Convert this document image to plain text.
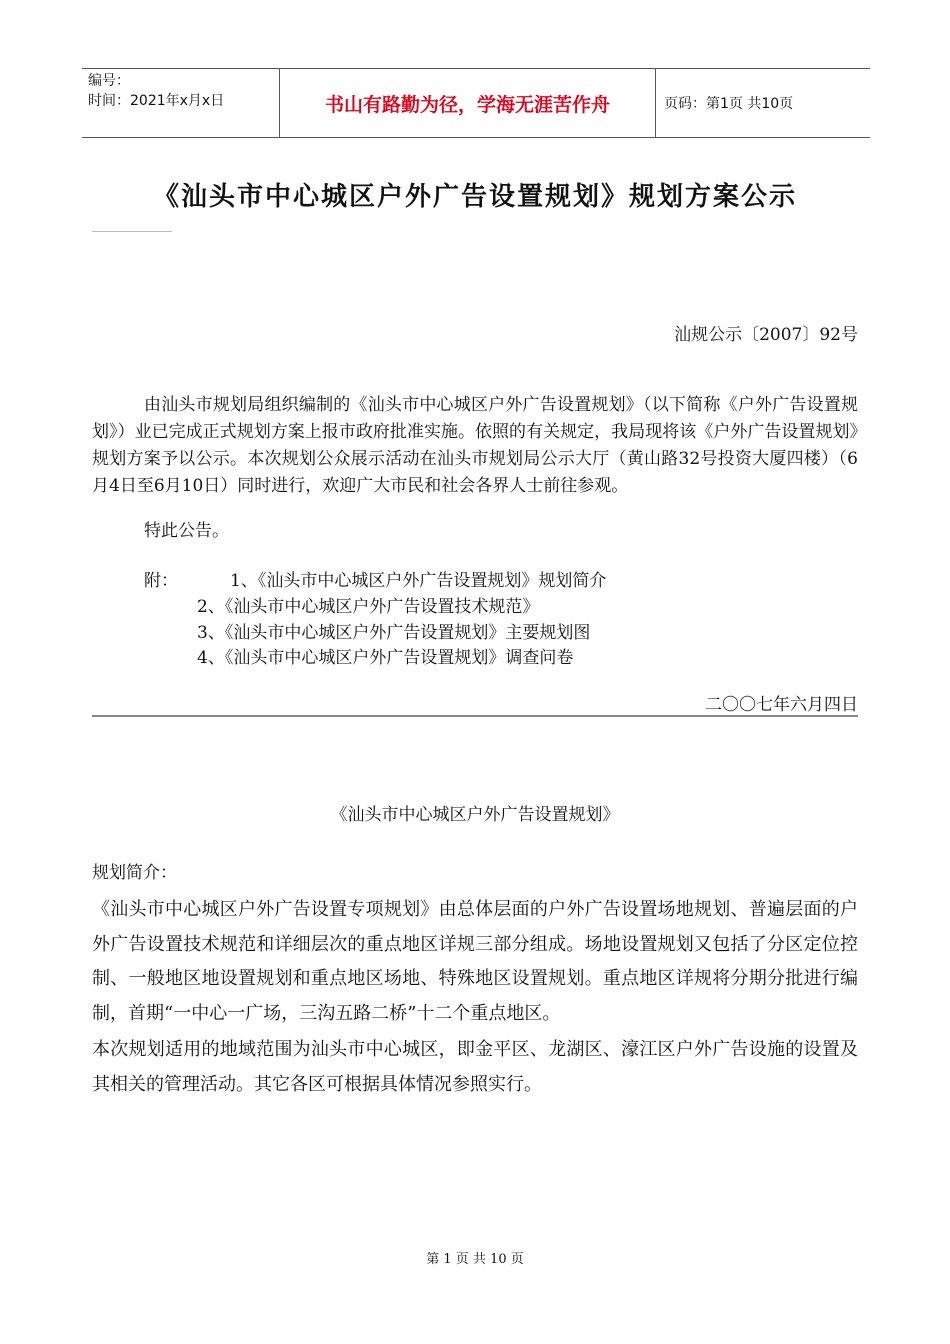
编号：
时间：2021年x月x日	书山有路勤为径，学海无涯苦作舟	页码：第1页 共10页
《汕头市中心城区户外广告设置规划》规划方案公示
汕规公示〔2007〕92号
由汕头市规划局组织编制的《汕头市中心城区户外广告设置规划》（以下简称《户外广告设置规划》）业已完成正式规划方案上报市政府批准实施。依照的有关规定，我局现将该《户外广告设置规划》规划方案予以公示。本次规划公众展示活动在汕头市规划局公示大厅（黄山路32号投资大厦四楼）（6月4日至6月10日）同时进行，欢迎广大市民和社会各界人士前往参观。
特此公告。
附：	1、《汕头市中心城区户外广告设置规划》规划简介
2、《汕头市中心城区户外广告设置技术规范》
3、《汕头市中心城区户外广告设置规划》主要规划图
4、《汕头市中心城区户外广告设置规划》调查问卷
二〇〇七年六月四日
《汕头市中心城区户外广告设置规划》
规划简介：
《汕头市中心城区户外广告设置专项规划》由总体层面的户外广告设置场地规划、普遍层面的户外广告设置技术规范和详细层次的重点地区详规三部分组成。场地设置规划又包括了分区定位控制、一般地区地设置规划和重点地区场地、特殊地区设置规划。重点地区详规将分期分批进行编制，首期“一中心一广场，三沟五路二桥”十二个重点地区。
本次规划适用的地域范围为汕头市中心城区，即金平区、龙湖区、濠江区户外广告设施的设置及其相关的管理活动。其它各区可根据具体情况参照实行。
第 1 页 共 10 页
